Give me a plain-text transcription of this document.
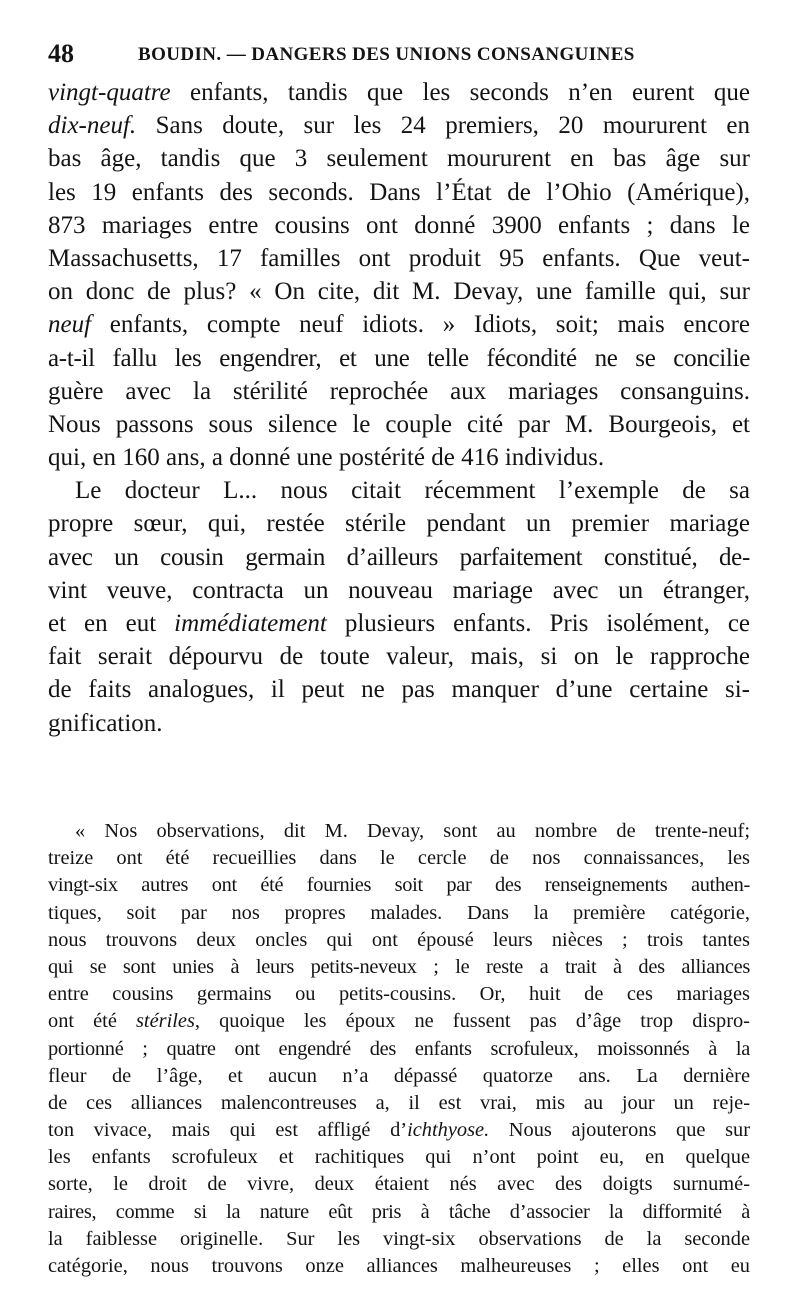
48	BOUDIN. — DANGERS DES UNIONS CONSANGUINES
vingt-quatre enfants, tandis que les seconds n’en eurent que
dix-neuf. Sans doute, sur les 24 premiers, 20 moururent en
bas âge, tandis que 3 seulement moururent en bas âge sur
les 19 enfants des seconds. Dans l’État de l’Ohio (Amérique),
873 mariages entre cousins ont donné 3900 enfants ; dans le
Massachusetts, 17 familles ont produit 95 enfants. Que veut-
on donc de plus? « On cite, dit M. Devay, une famille qui, sur
neuf enfants, compte neuf idiots. » Idiots, soit; mais encore
a-t-il fallu les engendrer, et une telle fécondité ne se concilie
guère avec la stérilité reprochée aux mariages consanguins.
Nous passons sous silence le couple cité par M. Bourgeois, et
qui, en 160 ans, a donné une postérité de 416 individus.
Le docteur L... nous citait récemment l’exemple de sa
propre sœur, qui, restée stérile pendant un premier mariage
avec un cousin germain d’ailleurs parfaitement constitué, de-
vint veuve, contracta un nouveau mariage avec un étranger,
et en eut immédiatement plusieurs enfants. Pris isolément, ce
fait serait dépourvu de toute valeur, mais, si on le rapproche
de faits analogues, il peut ne pas manquer d’une certaine si-
gnification.
« Nos observations, dit M. Devay, sont au nombre de trente-neuf;
treize ont été recueillies dans le cercle de nos connaissances, les
vingt-six autres ont été fournies soit par des renseignements authen-
tiques, soit par nos propres malades. Dans la première catégorie,
nous trouvons deux oncles qui ont épousé leurs nièces ; trois tantes
qui se sont unies à leurs petits-neveux ; le reste a trait à des alliances
entre cousins germains ou petits-cousins. Or, huit de ces mariages
ont été stériles, quoique les époux ne fussent pas d’âge trop dispro-
portionné ; quatre ont engendré des enfants scrofuleux, moissonnés à la
fleur de l’âge, et aucun n’a dépassé quatorze ans. La dernière
de ces alliances malencontreuses a, il est vrai, mis au jour un reje-
ton vivace, mais qui est affligé d’ichthyose. Nous ajouterons que sur
les enfants scrofuleux et rachitiques qui n’ont point eu, en quelque
sorte, le droit de vivre, deux étaient nés avec des doigts surnumé-
raires, comme si la nature eût pris à tâche d’associer la difformité à
la faiblesse originelle. Sur les vingt-six observations de la seconde
catégorie, nous trouvons onze alliances malheureuses ; elles ont eu
